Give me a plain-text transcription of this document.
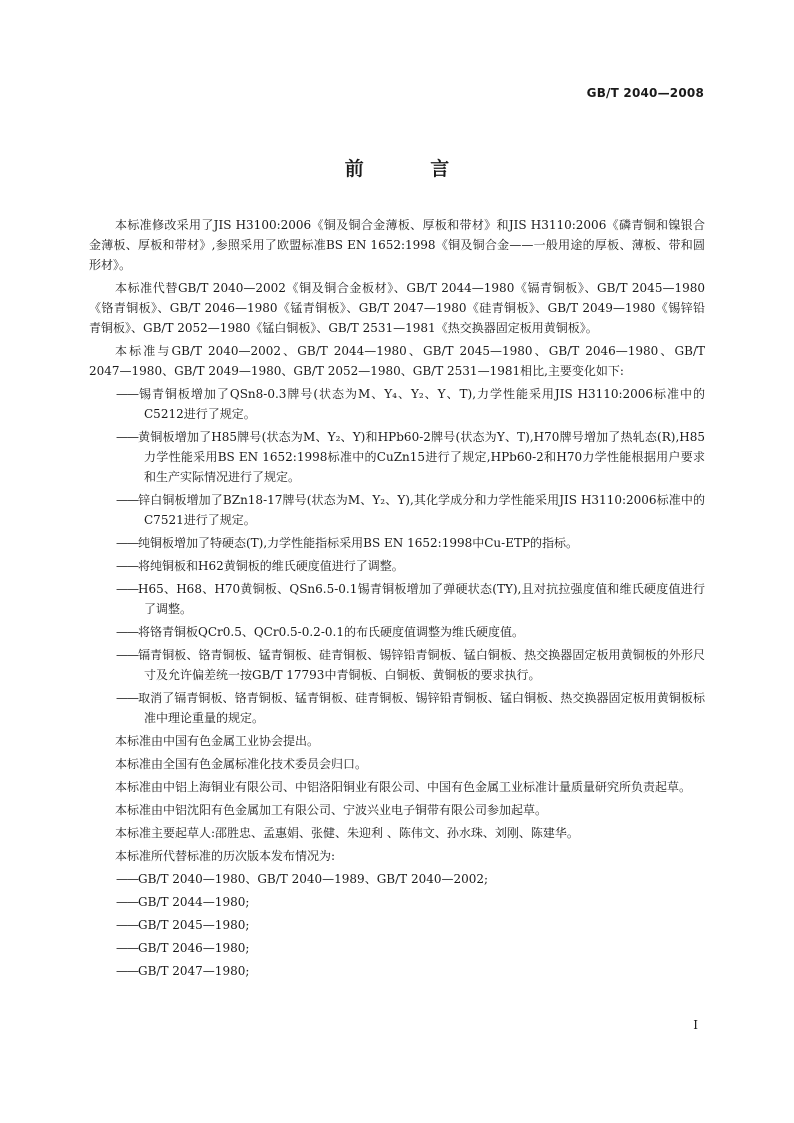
GB/T 2040—2008
前 言

本标准修改采用了JIS H3100:2006《铜及铜合金薄板、厚板和带材》和JIS H3110:2006《磷青铜和镍银合金薄板、厚板和带材》,参照采用了欧盟标准BS EN 1652:1998《铜及铜合金——一般用途的厚板、薄板、带和圆形材》。

本标准代替GB/T 2040—2002《铜及铜合金板材》、GB/T 2044—1980《镉青铜板》、GB/T 2045—1980《铬青铜板》、GB/T 2046—1980《锰青铜板》、GB/T 2047—1980《硅青铜板》、GB/T 2049—1980《锡锌铅青铜板》、GB/T 2052—1980《锰白铜板》、GB/T 2531—1981《热交换器固定板用黄铜板》。

本标准与GB/T 2040—2002、GB/T 2044—1980、GB/T 2045—1980、GB/T 2046—1980、GB/T 2047—1980、GB/T 2049—1980、GB/T 2052—1980、GB/T 2531—1981相比,主要变化如下:

——锡青铜板增加了QSn8-0.3牌号(状态为M、Y₄、Y₂、Y、T),力学性能采用JIS H3110:2006标准中的C5212进行了规定。

——黄铜板增加了H85牌号(状态为M、Y₂、Y)和HPb60-2牌号(状态为Y、T),H70牌号增加了热轧态(R),H85力学性能采用BS EN 1652:1998标准中的CuZn15进行了规定,HPb60-2和H70力学性能根据用户要求和生产实际情况进行了规定。

——锌白铜板增加了BZn18-17牌号(状态为M、Y₂、Y),其化学成分和力学性能采用JIS H3110:2006标准中的C7521进行了规定。

——纯铜板增加了特硬态(T),力学性能指标采用BS EN 1652:1998中Cu-ETP的指标。

——将纯铜板和H62黄铜板的维氏硬度值进行了调整。

——H65、H68、H70黄铜板、QSn6.5-0.1锡青铜板增加了弹硬状态(TY),且对抗拉强度值和维氏硬度值进行了调整。

——将铬青铜板QCr0.5、QCr0.5-0.2-0.1的布氏硬度值调整为维氏硬度值。

——镉青铜板、铬青铜板、锰青铜板、硅青铜板、锡锌铅青铜板、锰白铜板、热交换器固定板用黄铜板的外形尺寸及允许偏差统一按GB/T 17793中青铜板、白铜板、黄铜板的要求执行。

——取消了镉青铜板、铬青铜板、锰青铜板、硅青铜板、锡锌铅青铜板、锰白铜板、热交换器固定板用黄铜板标准中理论重量的规定。

本标准由中国有色金属工业协会提出。

本标准由全国有色金属标准化技术委员会归口。

本标准由中铝上海铜业有限公司、中铝洛阳铜业有限公司、中国有色金属工业标准计量质量研究所负责起草。

本标准由中铝沈阳有色金属加工有限公司、宁波兴业电子铜带有限公司参加起草。

本标准主要起草人:邵胜忠、孟惠娟、张健、朱迎利 、陈伟文、孙水珠、刘刚、陈建华。

本标准所代替标准的历次版本发布情况为:

——GB/T 2040—1980、GB/T 2040—1989、GB/T 2040—2002;

——GB/T 2044—1980;

——GB/T 2045—1980;

——GB/T 2046—1980;

——GB/T 2047—1980;

I
